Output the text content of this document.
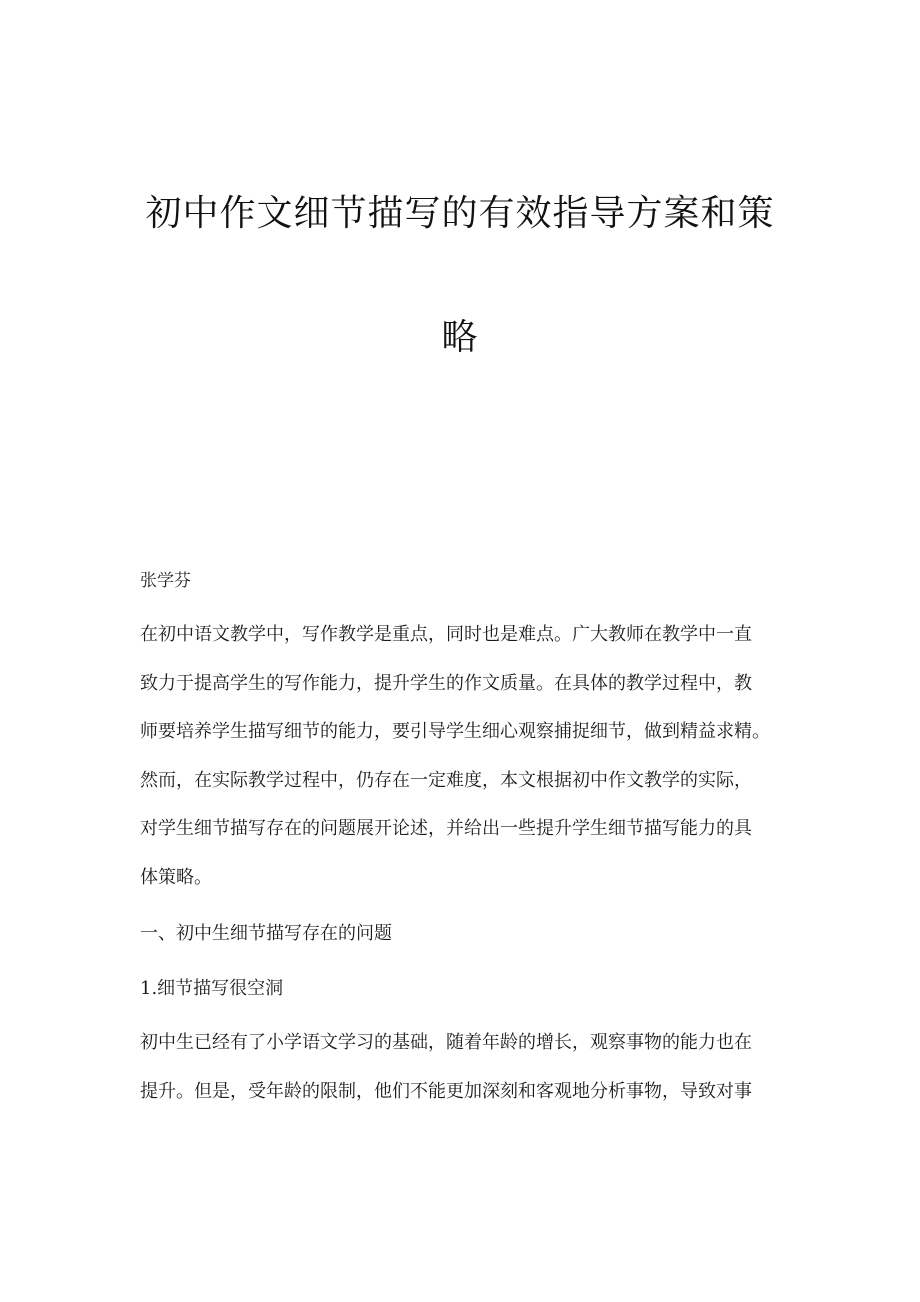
初中作文细节描写的有效指导方案和策
略
张学芬
在初中语文教学中，写作教学是重点，同时也是难点。广大教师在教学中一直
致力于提高学生的写作能力，提升学生的作文质量。在具体的教学过程中，教
师要培养学生描写细节的能力，要引导学生细心观察捕捉细节，做到精益求精。
然而，在实际教学过程中，仍存在一定难度，本文根据初中作文教学的实际，
对学生细节描写存在的问题展开论述，并给出一些提升学生细节描写能力的具
体策略。
一、初中生细节描写存在的问题
1.细节描写很空洞
初中生已经有了小学语文学习的基础，随着年龄的增长，观察事物的能力也在
提升。但是，受年龄的限制，他们不能更加深刻和客观地分析事物，导致对事
